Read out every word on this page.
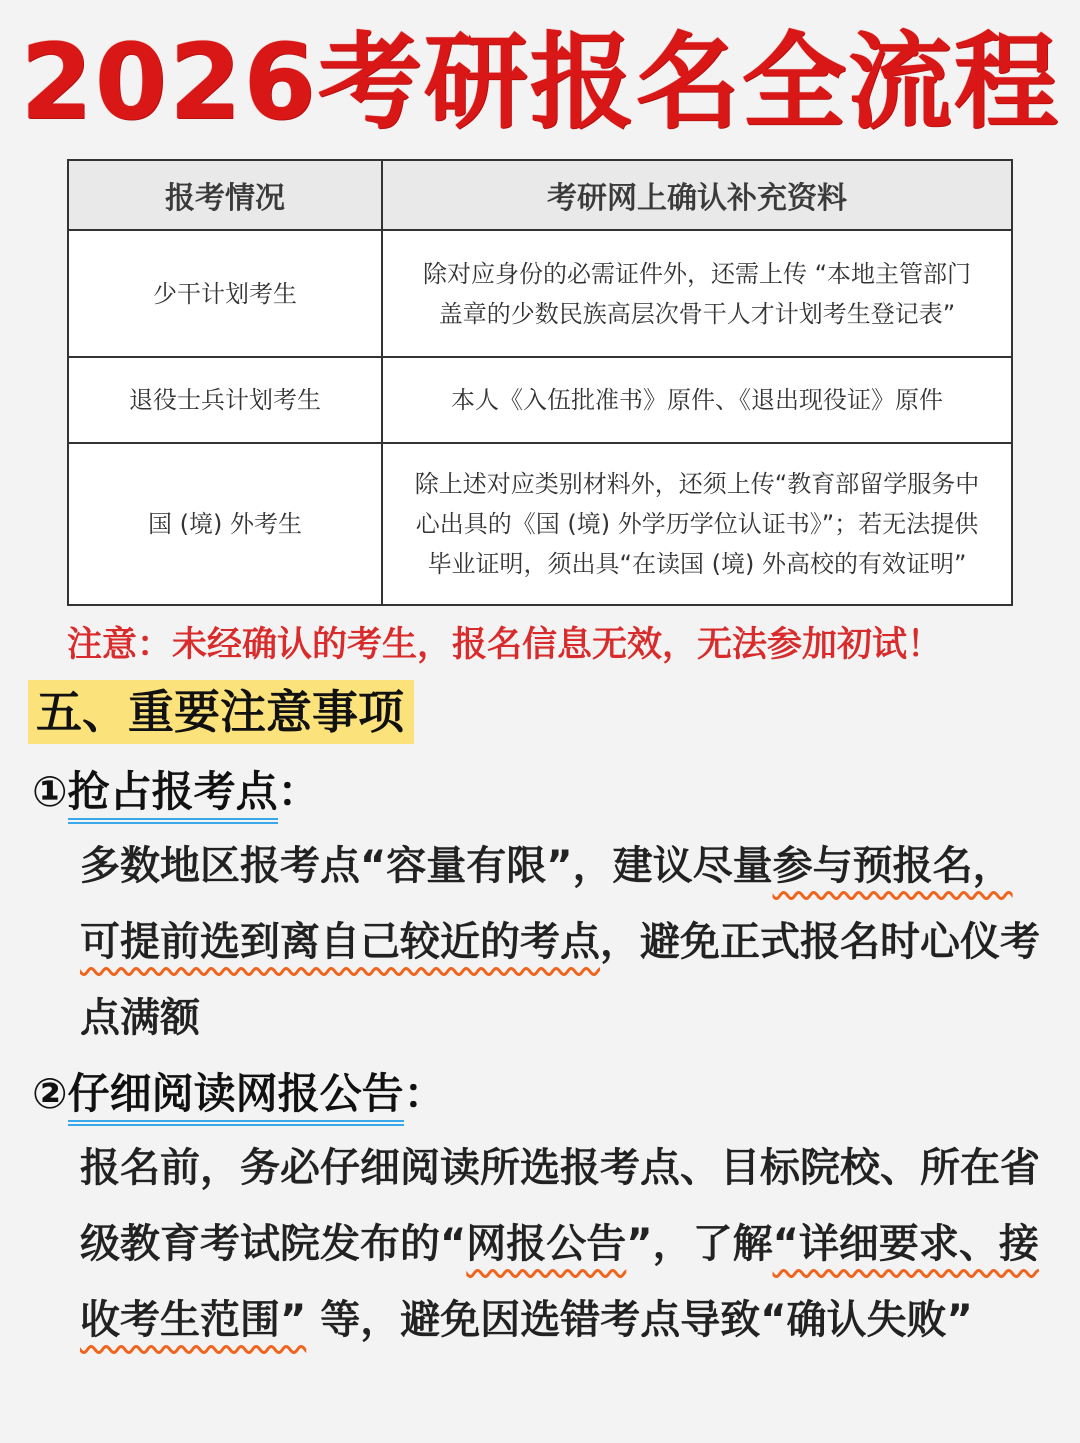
2026考研报名全流程
报考情况	考研网上确认补充资料
少干计划考生	除对应身份的必需证件外，还需上传 “本地主管部门
盖章的少数民族高层次骨干人才计划考生登记表”

退役士兵计划考生	本人《入伍批准书》原件、《退出现役证》原件

国 (境) 外考生	除上述对应类别材料外，还须上传“教育部留学服务中
心出具的《国 (境) 外学历学位认证书》”；若无法提供
毕业证明，须出具“在读国 (境) 外高校的有效证明”
注意：未经确认的考生，报名信息无效，无法参加初试！
五、重要注意事项
①抢占报考点：
多数地区报考点“容量有限”，建议尽量参与预报名，可提前选到离自己较近的考点，避免正式报名时心仪考点满额
②仔细阅读网报公告：
报名前，务必仔细阅读所选报考点、目标院校、所在省级教育考试院发布的“网报公告”，了解“详细要求、接收考生范围” 等，避免因选错考点导致“确认失败”
